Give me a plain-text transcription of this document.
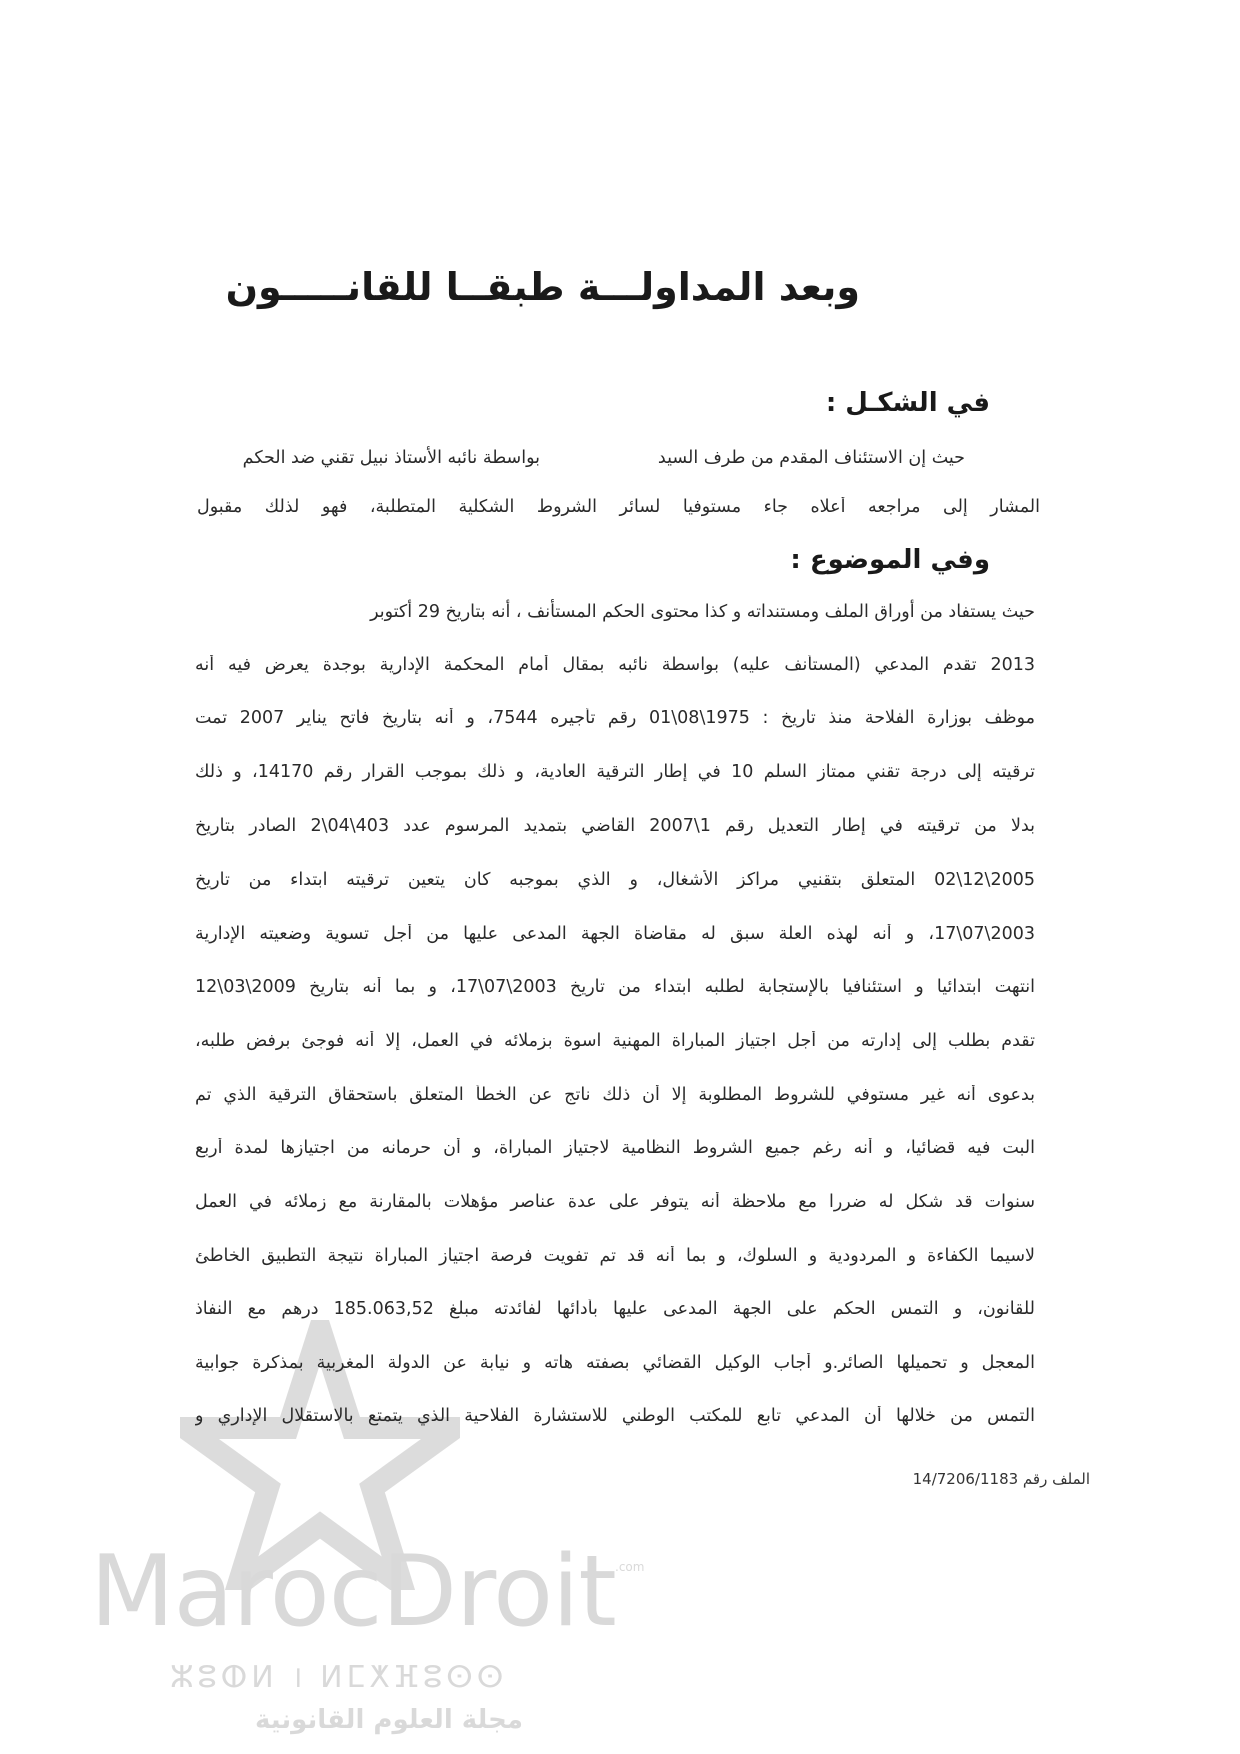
MarocDroit .com
ⵣⵓⵀⵍ । ⵍⵎⵅⴼⵓⵙⵙ
مجلة العلوم القانونية
وبعد المداولـــة طبقــا للقانـــــون
في الشكـل :
حيث إن الاستئناف المقدم من طرف السيد
بواسطة نائبه الأستاذ نبيل تقني ضد الحكم
المشار إلى مراجعه أعلاه جاء مستوفيا لسائر الشروط الشكلية المتطلبة، فهو لذلك مقبول
وفي الموضوع :
حيث يستفاد من أوراق الملف ومستنداته و كذا محتوى الحكم المستأنف ، أنه بتاريخ 29 أكتوبر
2013 تقدم المدعي (المستأنف عليه) بواسطة نائبه بمقال أمام المحكمة الإدارية بوجدة يعرض فيه أنه
موظف بوزارة الفلاحة منذ تاريخ : 1975\08\01 رقم تأجيره 7544، و أنه بتاريخ فاتح يناير 2007 تمت
ترقيته إلى درجة تقني ممتاز السلم 10 في إطار الترقية العادية، و ذلك بموجب القرار رقم 14170، و ذلك
بدلا من ترقيته في إطار التعديل رقم 1\2007 القاضي بتمديد المرسوم عدد 403\04\2 الصادر بتاريخ
2005\12\02 المتعلق بتقنيي مراكز الأشغال، و الذي بموجبه كان يتعين ترقيته ابتداء من تاريخ
2003\07\17، و أنه لهذه العلة سبق له مقاضاة الجهة المدعى عليها من أجل تسوية وضعيته الإدارية
انتهت ابتدائيا و استئنافيا بالإستجابة لطلبه ابتداء من تاريخ 2003\07\17، و بما أنه بتاريخ 2009\03\12
تقدم بطلب إلى إدارته من أجل اجتياز المباراة المهنية اسوة بزملائه في العمل، إلا أنه فوجئ برفض طلبه،
بدعوى أنه غير مستوفي للشروط المطلوبة إلا أن ذلك ناتج عن الخطأ المتعلق باستحقاق الترقية الذي تم
البت فيه قضائيا، و أنه رغم جميع الشروط النظامية لاجتياز المباراة، و أن حرمانه من اجتيازها لمدة أربع
سنوات قد شكل له ضررا مع ملاحظة أنه يتوفر على عدة عناصر مؤهلات بالمقارنة مع زملائه في العمل
لاسيما الكفاءة و المردودية و السلوك، و بما أنه قد تم تفويت فرصة اجتياز المباراة نتيجة التطبيق الخاطئ
للقانون، و التمس الحكم على الجهة المدعى عليها بأدائها لفائدته مبلغ 185.063,52 درهم مع النفاذ
المعجل و تحميلها الصائر.و أجاب الوكيل القضائي بصفته هاته و نيابة عن الدولة المغربية بمذكرة جوابية
التمس من خلالها أن المدعي تابع للمكتب الوطني للاستشارة الفلاحية الذي يتمتع بالاستقلال الإداري و
الملف رقم 14/7206/1183
